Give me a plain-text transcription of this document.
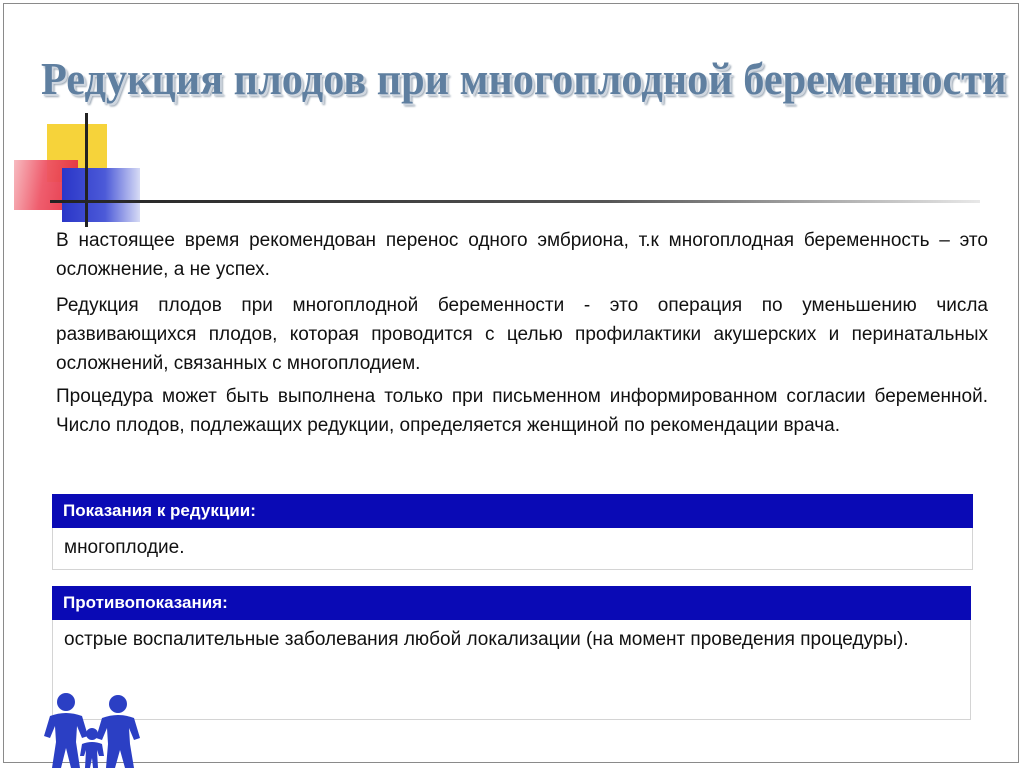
Редукция плодов при многоплодной беременности
В настоящее время рекомендован перенос одного эмбриона, т.к многоплодная беременность – это осложнение, а не успех.
Редукция плодов при многоплодной беременности - это операция по уменьшению числа развивающихся плодов, которая проводится с целью профилактики акушерских и перинатальных осложнений, связанных с многоплодием.
Процедура может быть выполнена только при письменном информированном согласии беременной. Число плодов, подлежащих редукции, определяется женщиной по рекомендации врача.
Показания к редукции:
многоплодие.
Противопоказания:
острые воспалительные заболевания любой локализации (на момент проведения процедуры).
